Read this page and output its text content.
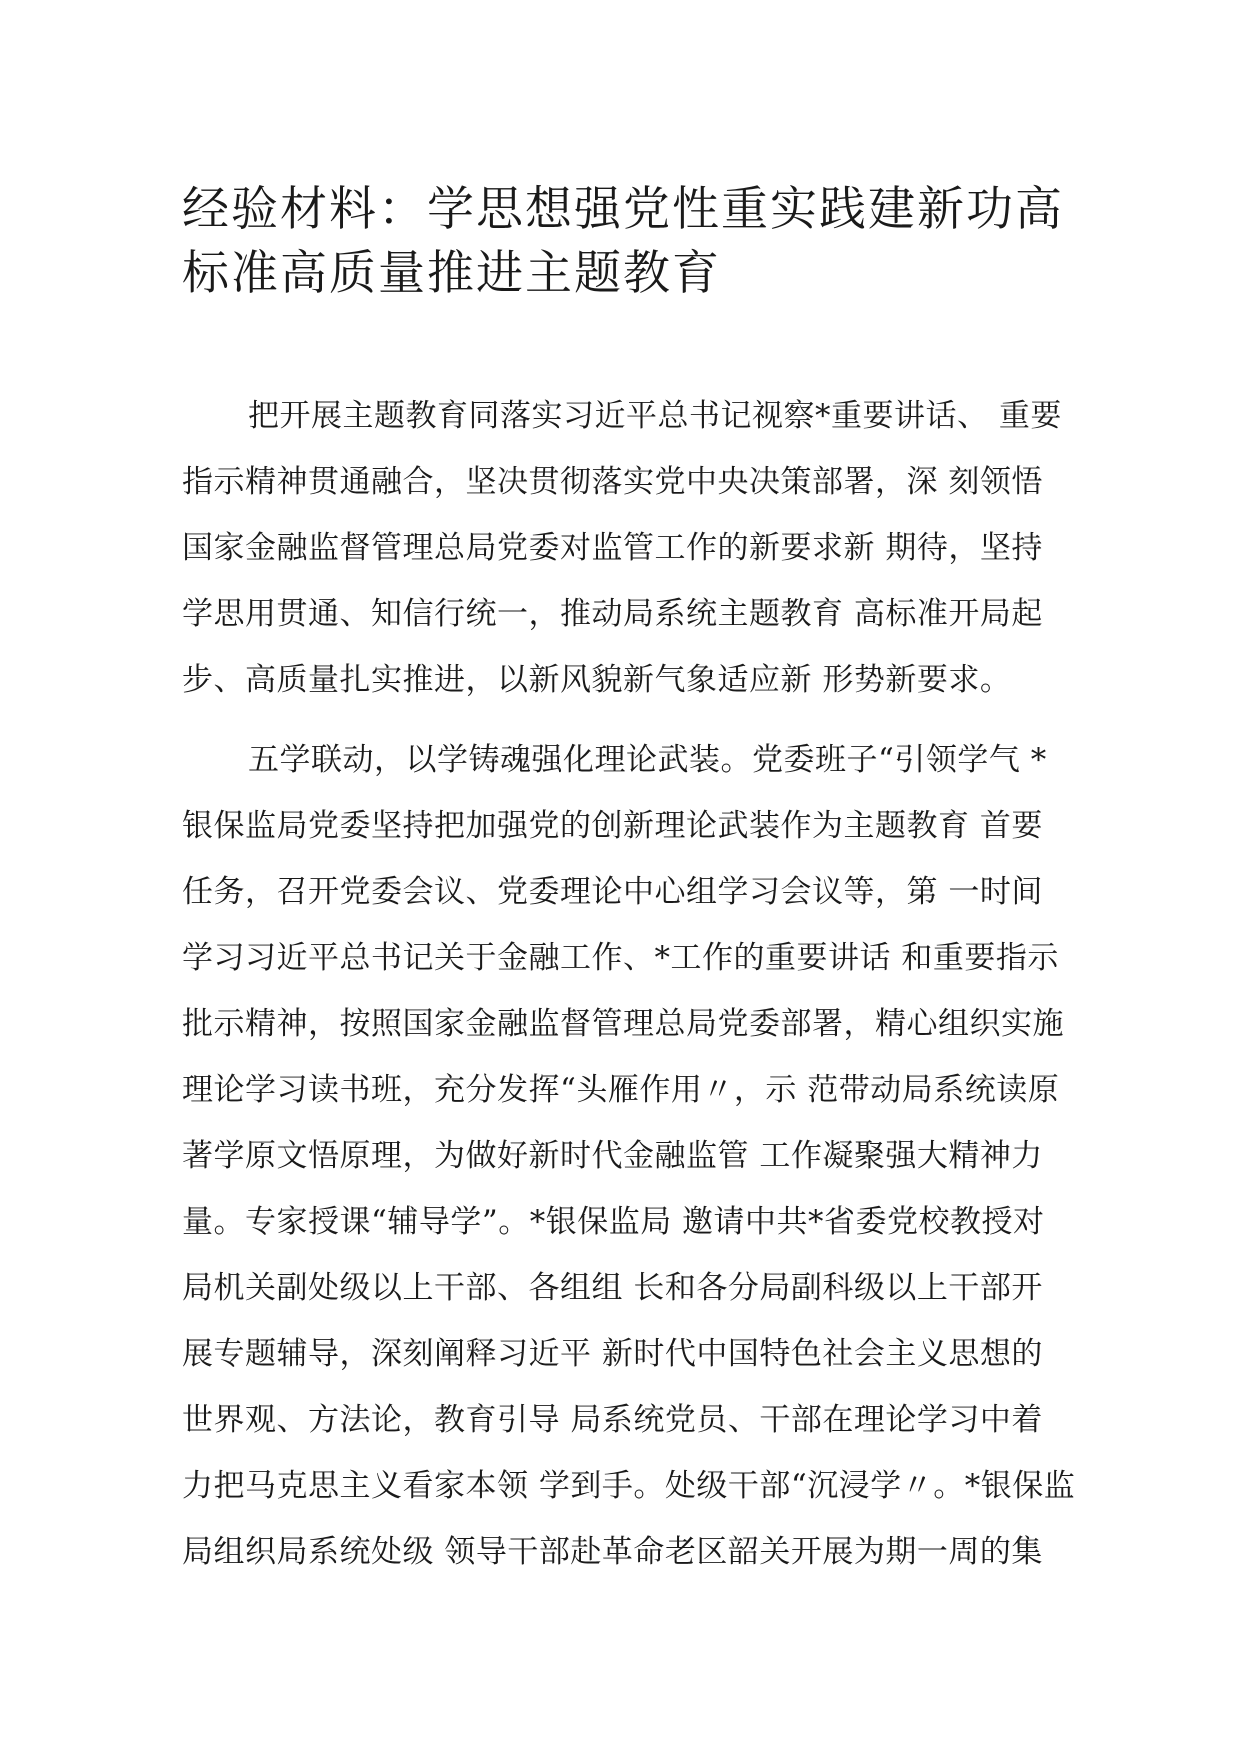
经验材料：学思想强党性重实践建新功高
标准高质量推进主题教育

把开展主题教育同落实习近平总书记视察*重要讲话、 重要
指示精神贯通融合，坚决贯彻落实党中央决策部署，深 刻领悟
国家金融监督管理总局党委对监管工作的新要求新 期待，坚持
学思用贯通、知信行统一，推动局系统主题教育 高标准开局起
步、高质量扎实推进，以新风貌新气象适应新 形势新要求。

五学联动，以学铸魂强化理论武装。党委班子“引领学气 *
银保监局党委坚持把加强党的创新理论武装作为主题教育 首要
任务，召开党委会议、党委理论中心组学习会议等，第 一时间
学习习近平总书记关于金融工作、*工作的重要讲话 和重要指示
批示精神，按照国家金融监督管理总局党委部署，精心组织实施
理论学习读书班，充分发挥“头雁作用〃，示 范带动局系统读原
著学原文悟原理，为做好新时代金融监管 工作凝聚强大精神力
量。专家授课“辅导学”。*银保监局 邀请中共*省委党校教授对
局机关副处级以上干部、各组组 长和各分局副科级以上干部开
展专题辅导，深刻阐释习近平 新时代中国特色社会主义思想的
世界观、方法论，教育引导 局系统党员、干部在理论学习中着
力把马克思主义看家本领 学到手。处级干部“沉浸学〃。*银保监
局组织局系统处级 领导干部赴革命老区韶关开展为期一周的集
